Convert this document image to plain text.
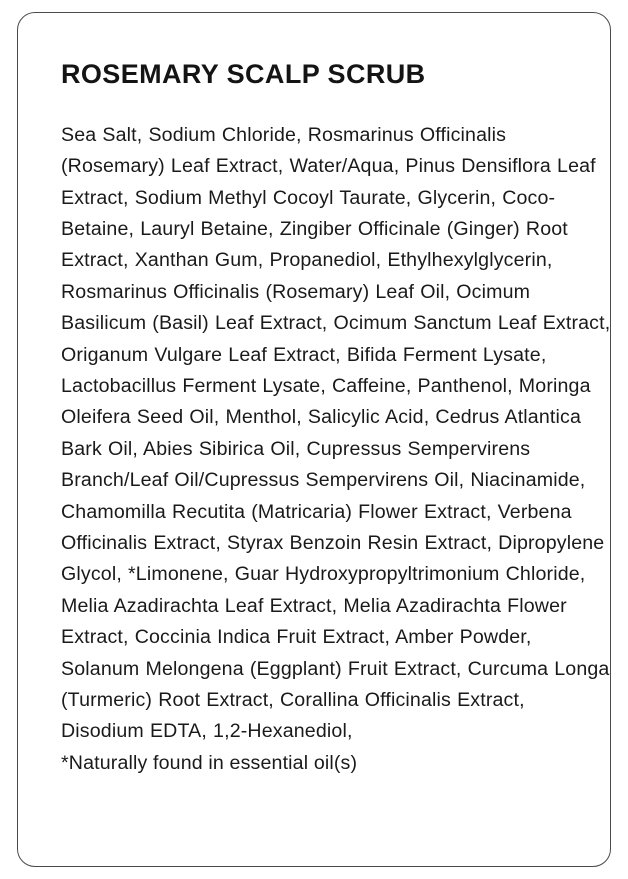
ROSEMARY SCALP SCRUB

Sea Salt, Sodium Chloride, Rosmarinus Officinalis (Rosemary) Leaf Extract, Water/Aqua, Pinus Densiflora Leaf Extract, Sodium Methyl Cocoyl Taurate, Glycerin, Coco-Betaine, Lauryl Betaine, Zingiber Officinale (Ginger) Root Extract, Xanthan Gum, Propanediol, Ethylhexylglycerin, Rosmarinus Officinalis (Rosemary) Leaf Oil, Ocimum Basilicum (Basil) Leaf Extract, Ocimum Sanctum Leaf Extract, Origanum Vulgare Leaf Extract, Bifida Ferment Lysate, Lactobacillus Ferment Lysate, Caffeine, Panthenol, Moringa Oleifera Seed Oil, Menthol, Salicylic Acid, Cedrus Atlantica Bark Oil, Abies Sibirica Oil, Cupressus Sempervirens Branch/Leaf Oil/Cupressus Sempervirens Oil, Niacinamide, Chamomilla Recutita (Matricaria) Flower Extract, Verbena Officinalis Extract, Styrax Benzoin Resin Extract, Dipropylene Glycol, *Limonene, Guar Hydroxypropyltrimonium Chloride, Melia Azadirachta Leaf Extract, Melia Azadirachta Flower Extract, Coccinia Indica Fruit Extract, Amber Powder, Solanum Melongena (Eggplant) Fruit Extract, Curcuma Longa (Turmeric) Root Extract, Corallina Officinalis Extract, Disodium EDTA, 1,2-Hexanediol,

*Naturally found in essential oil(s)
